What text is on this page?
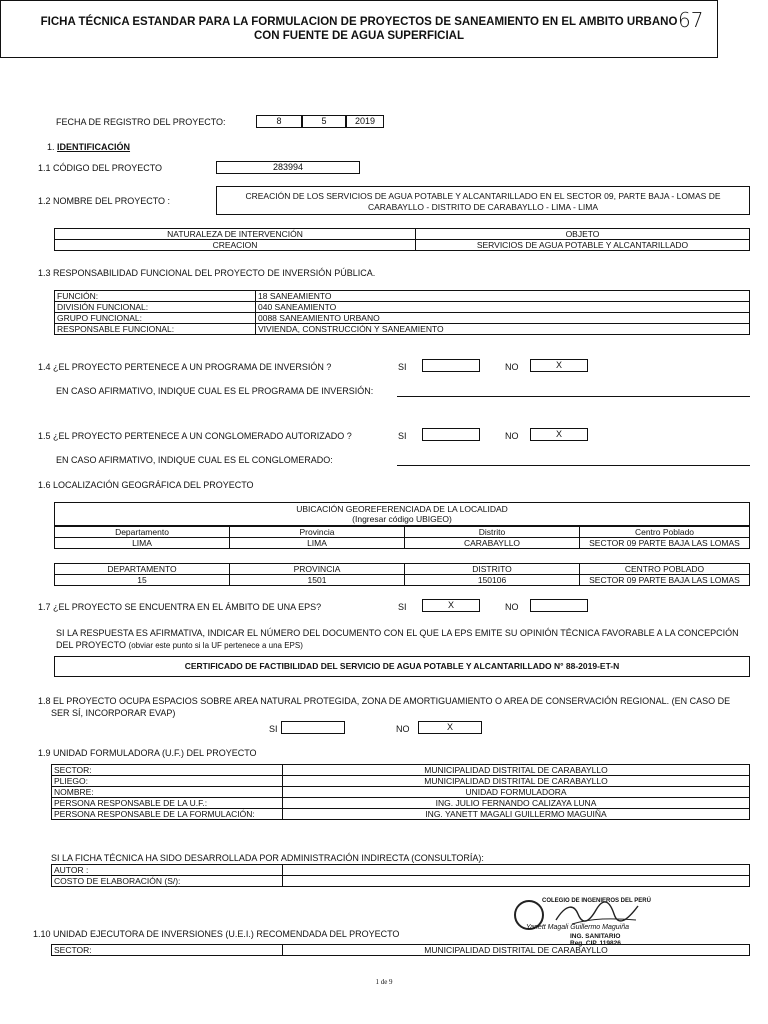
67
FICHA TÉCNICA ESTANDAR PARA LA FORMULACION DE PROYECTOS DE SANEAMIENTO EN EL AMBITO URBANO
CON FUENTE DE AGUA SUPERFICIAL
FECHA DE REGISTRO DEL PROYECTO:	8	5	2019
1. IDENTIFICACIÓN
1.1 CÓDIGO DEL PROYECTO	283994
1.2 NOMBRE DEL PROYECTO :	CREACIÓN DE LOS SERVICIOS DE AGUA POTABLE Y ALCANTARILLADO EN EL SECTOR 09, PARTE BAJA - LOMAS DE
CARABAYLLO - DISTRITO DE CARABAYLLO - LIMA - LIMA
NATURALEZA DE INTERVENCIÓN	OBJETO
CREACION	SERVICIOS DE AGUA POTABLE Y ALCANTARILLADO
1.3 RESPONSABILIDAD FUNCIONAL DEL PROYECTO DE INVERSIÓN PÚBLICA.
FUNCIÓN:	18 SANEAMIENTO
DIVISIÓN FUNCIONAL:	040 SANEAMIENTO
GRUPO FUNCIONAL:	0088 SANEAMIENTO URBANO
RESPONSABLE FUNCIONAL:	VIVIENDA, CONSTRUCCIÓN Y SANEAMIENTO
1.4 ¿EL PROYECTO PERTENECE A UN PROGRAMA DE INVERSIÓN ?	SI	NO	X
EN CASO AFIRMATIVO, INDIQUE CUAL ES EL PROGRAMA DE INVERSIÓN:
1.5 ¿EL PROYECTO PERTENECE A UN CONGLOMERADO AUTORIZADO ?	SI	NO	X
EN CASO AFIRMATIVO, INDIQUE CUAL ES EL CONGLOMERADO:
1.6 LOCALIZACIÓN GEOGRÁFICA DEL PROYECTO
UBICACIÓN GEOREFERENCIADA DE LA LOCALIDAD
(Ingresar código UBIGEO)
Departamento	Provincia	Distrito	Centro Poblado
LIMA	LIMA	CARABAYLLO	SECTOR 09 PARTE BAJA LAS LOMAS
DEPARTAMENTO	PROVINCIA	DISTRITO	CENTRO POBLADO
15	1501	150106	SECTOR 09 PARTE BAJA LAS LOMAS
1.7 ¿EL PROYECTO SE ENCUENTRA EN EL ÁMBITO DE UNA EPS?	SI	X	NO
SI LA RESPUESTA ES AFIRMATIVA, INDICAR EL NÚMERO DEL DOCUMENTO CON EL QUE LA EPS EMITE SU OPINIÓN TÉCNICA FAVORABLE A LA CONCEPCIÓN
DEL PROYECTO (obviar este punto si la UF pertenece a una EPS)
CERTIFICADO DE FACTIBILIDAD DEL SERVICIO DE AGUA POTABLE Y ALCANTARILLADO N° 88-2019-ET-N
1.8 EL PROYECTO OCUPA ESPACIOS SOBRE AREA NATURAL PROTEGIDA, ZONA DE AMORTIGUAMIENTO O AREA DE CONSERVACIÓN REGIONAL. (EN CASO DE
SER SÍ, INCORPORAR EVAP)
SI	NO	X
1.9 UNIDAD FORMULADORA (U.F.) DEL PROYECTO
SECTOR:	MUNICIPALIDAD DISTRITAL DE CARABAYLLO
PLIEGO:	MUNICIPALIDAD DISTRITAL DE CARABAYLLO
NOMBRE:	UNIDAD FORMULADORA
PERSONA RESPONSABLE DE LA U.F.:	ING. JULIO FERNANDO CALIZAYA LUNA
PERSONA RESPONSABLE DE LA FORMULACIÓN:	ING. YANETT MAGALI GUILLERMO MAGUIÑA
SI LA FICHA TÉCNICA HA SIDO DESARROLLADA POR ADMINISTRACIÓN INDIRECTA (CONSULTORÍA):
AUTOR :	
COSTO DE ELABORACIÓN (S/):	
COLEGIO DE INGENIEROS DEL PERÚ
Yanett Magali Guillermo Maguiña
ING. SANITARIO
Reg. CIP. 119826
1.10 UNIDAD EJECUTORA DE INVERSIONES (U.E.I.) RECOMENDADA DEL PROYECTO
SECTOR:	MUNICIPALIDAD DISTRITAL DE CARABAYLLO
1 de 9
